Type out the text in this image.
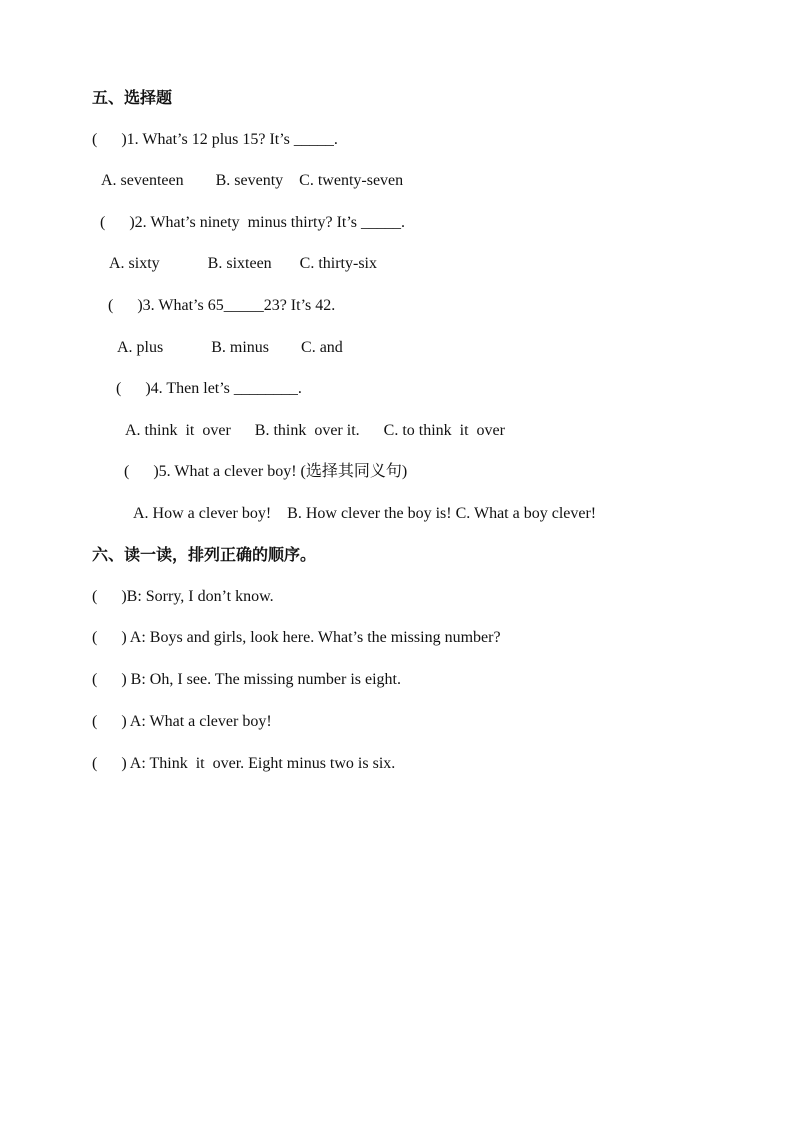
五、选择题
(      )1. What’s 12 plus 15? It’s _____.
A. seventeen        B. seventy    C. twenty-seven
(      )2. What’s ninety  minus thirty? It’s _____.
A. sixty            B. sixteen       C. thirty-six
(      )3. What’s 65_____23? It’s 42.
A. plus            B. minus        C. and
(      )4. Then let’s ________.
A. think  it  over      B. think  over it.      C. to think  it  over
(      )5. What a clever boy! (选择其同义句)
A. How a clever boy!    B. How clever the boy is! C. What a boy clever!
六、读一读，排列正确的顺序。
(      )B: Sorry, I don’t know.
(      ) A: Boys and girls, look here. What’s the missing number?
(      ) B: Oh, I see. The missing number is eight.
(      ) A: What a clever boy!
(      ) A: Think  it  over. Eight minus two is six.
